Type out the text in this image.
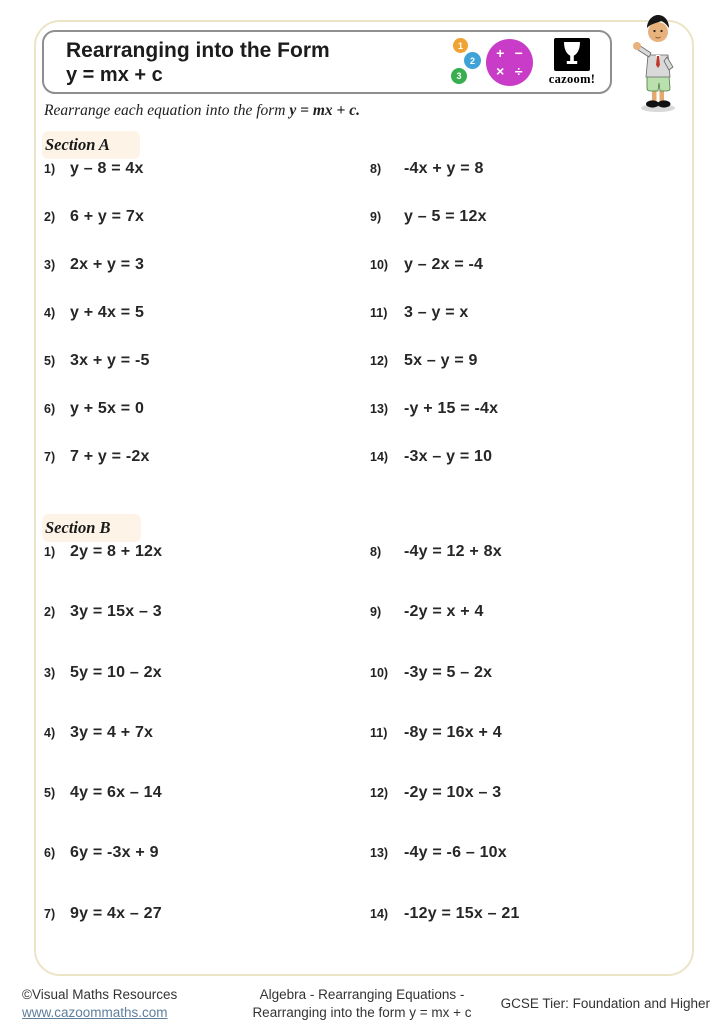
Rearranging into the Form
y = mx + c
1
2
3
+ −
× ÷	cazoom!
Rearrange each equation into the form y = mx + c.
Section A
1) y – 8 = 4x
2) 6 + y = 7x
3) 2x + y = 3
4) y + 4x = 5
5) 3x + y = -5
6) y + 5x = 0
7) 7 + y = -2x
8)	-4x + y = 8
9)	y – 5 = 12x
10) y – 2x = -4
11)	3 – y = x
12) 5x – y = 9
13) -y + 15 = -4x
14) -3x – y = 10
Section B
1) 2y = 8 + 12x
2) 3y = 15x – 3
3) 5y = 10 – 2x
4) 3y = 4 + 7x
5) 4y = 6x – 14
6) 6y = -3x + 9
7) 9y = 4x – 27
8)	-4y = 12 + 8x
9)	-2y = x + 4
10) -3y = 5 – 2x
11)	-8y = 16x + 4
12) -2y = 10x – 3
13) -4y = -6 – 10x
14) -12y = 15x – 21
©Visual Maths Resources
www.cazoommaths.com
Algebra - Rearranging Equations -
Rearranging into the form y = mx + c
GCSE Tier: Foundation and Higher
